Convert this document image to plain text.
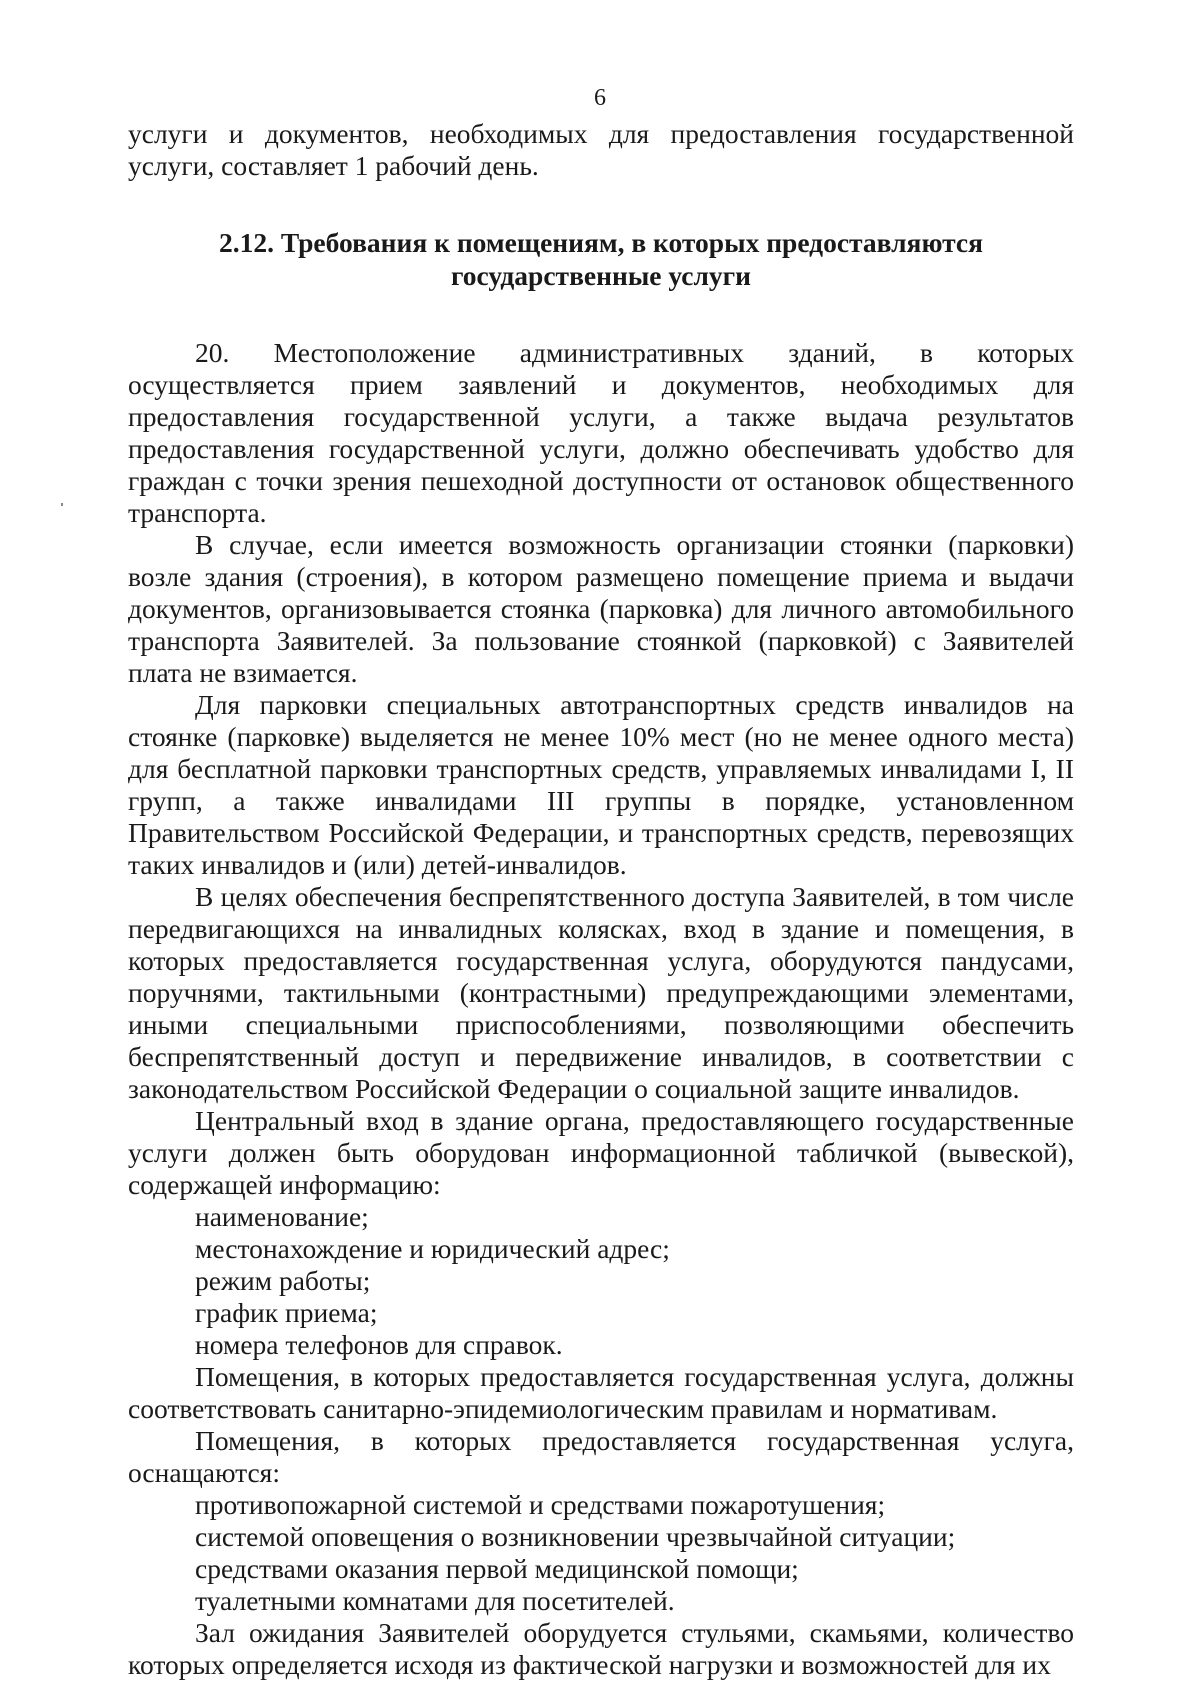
6

услуги и документов, необходимых для предоставления государственной услуги, составляет 1 рабочий день.

2.12. Требования к помещениям, в которых предоставляются
государственные услуги

20. Местоположение административных зданий, в которых осуществляется прием заявлений и документов, необходимых для предоставления государственной услуги, а также выдача результатов предоставления государственной услуги, должно обеспечивать удобство для граждан с точки зрения пешеходной доступности от остановок общественного транспорта.

В случае, если имеется возможность организации стоянки (парковки) возле здания (строения), в котором размещено помещение приема и выдачи документов, организовывается стоянка (парковка) для личного автомобильного транспорта Заявителей. За пользование стоянкой (парковкой) с Заявителей плата не взимается.

Для парковки специальных автотранспортных средств инвалидов на стоянке (парковке) выделяется не менее 10% мест (но не менее одного места) для бесплатной парковки транспортных средств, управляемых инвалидами I, II групп, а также инвалидами III группы в порядке, установленном Правительством Российской Федерации, и транспортных средств, перевозящих таких инвалидов и (или) детей-инвалидов.

В целях обеспечения беспрепятственного доступа Заявителей, в том числе передвигающихся на инвалидных колясках, вход в здание и помещения, в которых предоставляется государственная услуга, оборудуются пандусами, поручнями, тактильными (контрастными) предупреждающими элементами, иными специальными приспособлениями, позволяющими обеспечить беспрепятственный доступ и передвижение инвалидов, в соответствии с законодательством Российской Федерации о социальной защите инвалидов.

Центральный вход в здание органа, предоставляющего государственные услуги должен быть оборудован информационной табличкой (вывеской), содержащей информацию:

наименование;

местонахождение и юридический адрес;

режим работы;

график приема;

номера телефонов для справок.

Помещения, в которых предоставляется государственная услуга, должны соответствовать санитарно-эпидемиологическим правилам и нормативам.

Помещения, в которых предоставляется государственная услуга, оснащаются:

противопожарной системой и средствами пожаротушения;

системой оповещения о возникновении чрезвычайной ситуации;

средствами оказания первой медицинской помощи;

туалетными комнатами для посетителей.

Зал ожидания Заявителей оборудуется стульями, скамьями, количество которых определяется исходя из фактической нагрузки и возможностей для их
